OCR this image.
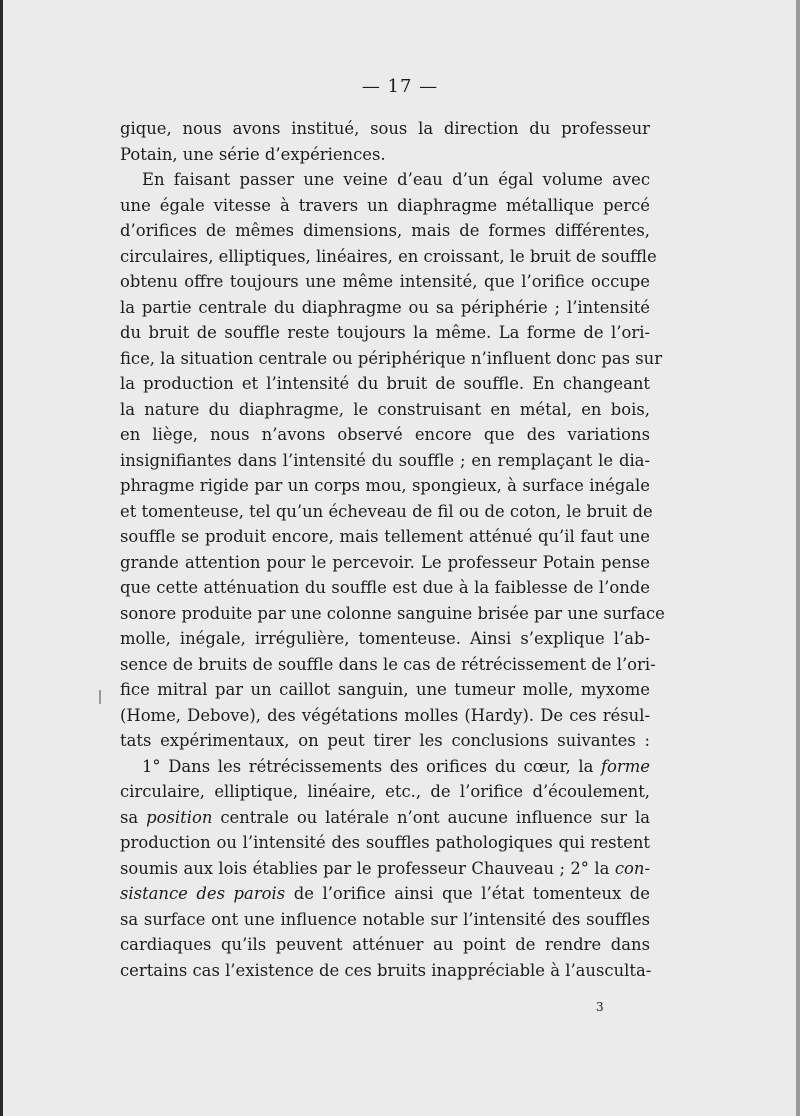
— 17 —
gique, nous avons institué, sous la direction du professeur
Potain, une série d’expériences.
En faisant passer une veine d’eau d’un égal volume avec
une égale vitesse à travers un diaphragme métallique percé
d’orifices de mêmes dimensions, mais de formes différentes,
circulaires, elliptiques, linéaires, en croissant, le bruit de souffle
obtenu offre toujours une même intensité, que l’orifice occupe
la partie centrale du diaphragme ou sa périphérie ; l’intensité
du bruit de souffle reste toujours la même. La forme de l’ori-
fice, la situation centrale ou périphérique n’influent donc pas sur
la production et l’intensité du bruit de souffle. En changeant
la nature du diaphragme, le construisant en métal, en bois,
en liège, nous n’avons observé encore que des variations
insignifiantes dans l’intensité du souffle ; en remplaçant le dia-
phragme rigide par un corps mou, spongieux, à surface inégale
et tomenteuse, tel qu’un écheveau de fil ou de coton, le bruit de
souffle se produit encore, mais tellement atténué qu’il faut une
grande attention pour le percevoir. Le professeur Potain pense
que cette atténuation du souffle est due à la faiblesse de l’onde
sonore produite par une colonne sanguine brisée par une surface
molle, inégale, irrégulière, tomenteuse. Ainsi s’explique l’ab-
sence de bruits de souffle dans le cas de rétrécissement de l’ori-
fice mitral par un caillot sanguin, une tumeur molle, myxome
(Home, Debove), des végétations molles (Hardy). De ces résul-
tats expérimentaux, on peut tirer les conclusions suivantes :
1° Dans les rétrécissements des orifices du cœur, la forme
circulaire, elliptique, linéaire, etc., de l’orifice d’écoulement,
sa position centrale ou latérale n’ont aucune influence sur la
production ou l’intensité des souffles pathologiques qui restent
soumis aux lois établies par le professeur Chauveau ; 2° la con-
sistance des parois de l’orifice ainsi que l’état tomenteux de
sa surface ont une influence notable sur l’intensité des souffles
cardiaques qu’ils peuvent atténuer au point de rendre dans
certains cas l’existence de ces bruits inappréciable à l’ausculta-
3
